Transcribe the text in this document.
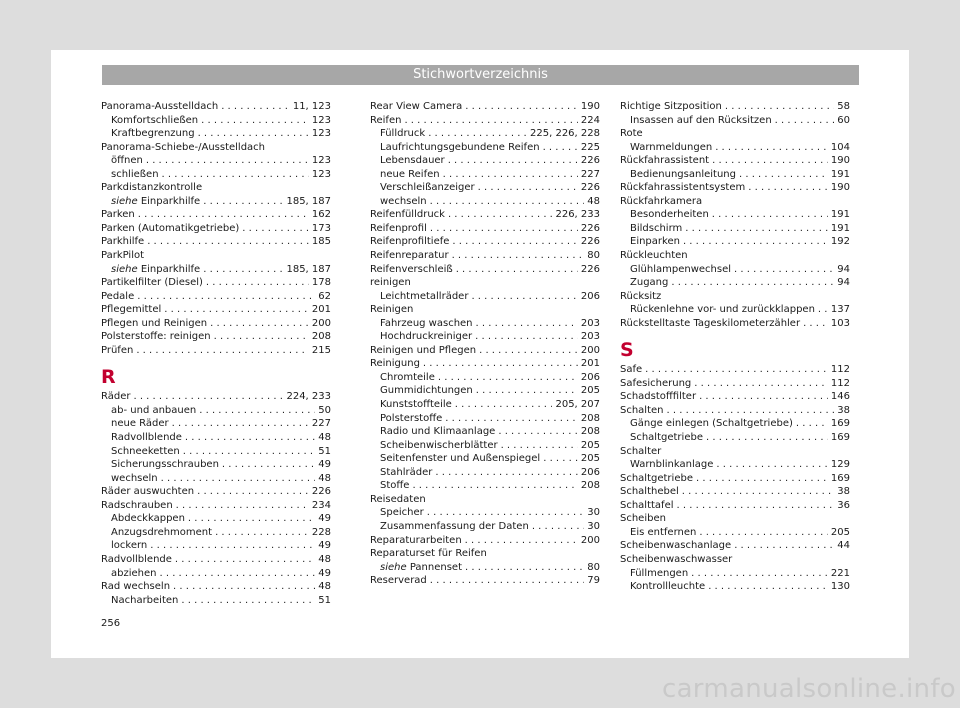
Stichwortverzeichnis
Panorama-Ausstelldach . . .	11, 123
Komfortschließen . . .	123
Kraftbegrenzung . . .	123
Panorama-Schiebe-/Ausstelldach
öffnen . . .	123
schließen . . .	123
Parkdistanzkontrolle
siehe Einparkhilfe . . .	185, 187
Parken . . .	162
Parken (Automatikgetriebe) . . .	173
Parkhilfe . . .	185
ParkPilot
siehe Einparkhilfe . . .	185, 187
Partikelfilter (Diesel) . . .	178
Pedale . . .	62
Pflegemittel . . .	201
Pflegen und Reinigen . . .	200
Polsterstoffe: reinigen . . .	208
Prüfen . . .	215
R
Räder . . .	224, 233
ab- und anbauen . . .	50
neue Räder . . .	227
Radvollblende . . .	48
Schneeketten . . .	51
Sicherungsschrauben . . .	49
wechseln . . .	48
Räder auswuchten . . .	226
Radschrauben . . .	234
Abdeckkappen . . .	49
Anzugsdrehmoment . . .	228
lockern . . .	49
Radvollblende . . .	48
abziehen . . .	49
Rad wechseln . . .	48
Nacharbeiten . . .	51
Rear View Camera . . .	190
Reifen . . .	224
Fülldruck . . .	225, 226, 228
Laufrichtungsgebundene Reifen . . .	225
Lebensdauer . . .	226
neue Reifen . . .	227
Verschleißanzeiger . . .	226
wechseln . . .	48
Reifenfülldruck . . .	226, 233
Reifenprofil . . .	226
Reifenprofiltiefe . . .	226
Reifenreparatur . . .	80
Reifenverschleiß . . .	226
reinigen
Leichtmetallräder . . .	206
Reinigen
Fahrzeug waschen . . .	203
Hochdruckreiniger . . .	203
Reinigen und Pflegen . . .	200
Reinigung . . .	201
Chromteile . . .	206
Gummidichtungen . . .	205
Kunststoffteile . . .	205, 207
Polsterstoffe . . .	208
Radio und Klimaanlage . . .	208
Scheibenwischerblätter . . .	205
Seitenfenster und Außenspiegel . . .	205
Stahlräder . . .	206
Stoffe . . .	208
Reisedaten
Speicher . . .	30
Zusammenfassung der Daten . . .	30
Reparaturarbeiten . . .	200
Reparaturset für Reifen
siehe Pannenset . . .	80
Reserverad . . .	79
Richtige Sitzposition . . .	58
Insassen auf den Rücksitzen . . .	60
Rote
Warnmeldungen . . .	104
Rückfahrassistent . . .	190
Bedienungsanleitung . . .	191
Rückfahrassistentsystem . . .	190
Rückfahrkamera
Besonderheiten . . .	191
Bildschirm . . .	191
Einparken . . .	192
Rückleuchten
Glühlampenwechsel . . .	94
Zugang . . .	94
Rücksitz
Rückenlehne vor- und zurückklappen . . . 137
Rückstelltaste Tageskilometerzähler . . .	103
S
Safe . . .	112
Safesicherung . . .	112
Schadstofffilter . . .	146
Schalten . . .	38
Gänge einlegen (Schaltgetriebe) . . .	169
Schaltgetriebe . . .	169
Schalter
Warnblinkanlage . . .	129
Schaltgetriebe . . .	169
Schalthebel . . .	38
Schalttafel . . .	36
Scheiben
Eis entfernen . . .	205
Scheibenwaschanlage . . .	44
Scheibenwaschwasser
Füllmengen . . .	221
Kontrollleuchte . . .	130
256
carmanualsonline.info
